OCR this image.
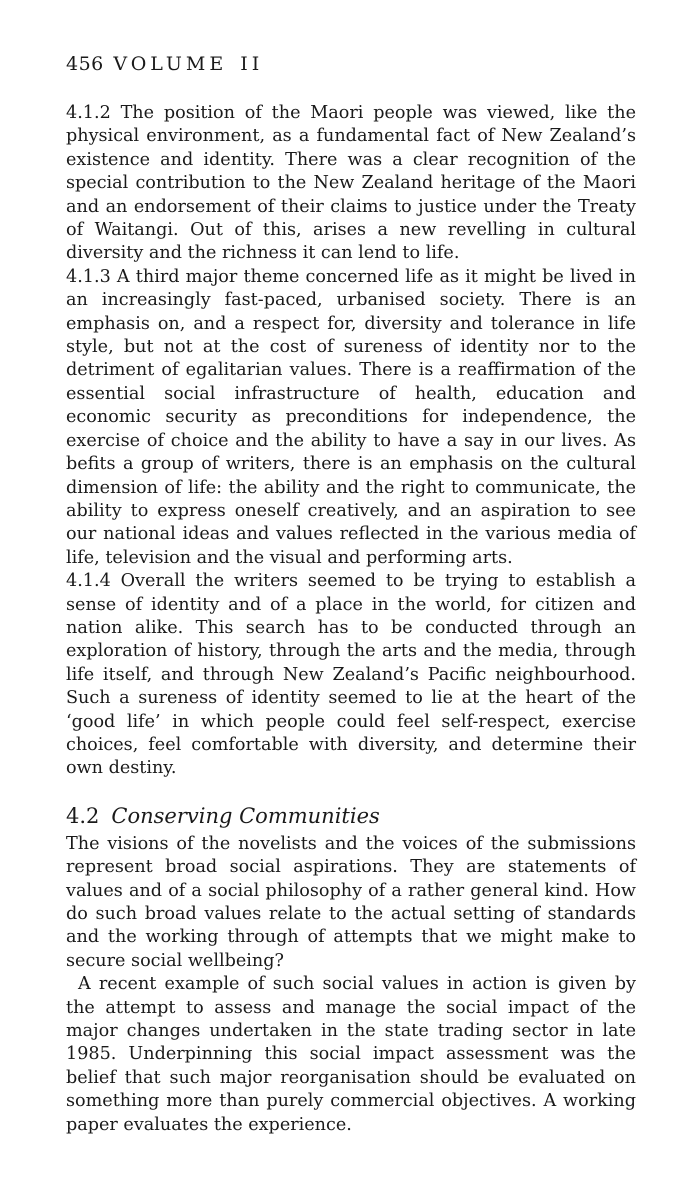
456 VOLUME II

4.1.2 The position of the Maori people was viewed, like the physical environment, as a fundamental fact of New Zealand’s existence and identity. There was a clear recognition of the special contribution to the New Zealand heritage of the Maori and an endorsement of their claims to justice under the Treaty of Waitangi. Out of this, arises a new revelling in cultural diversity and the richness it can lend to life.

4.1.3 A third major theme concerned life as it might be lived in an increasingly fast-paced, urbanised society. There is an emphasis on, and a respect for, diversity and tolerance in life style, but not at the cost of sureness of identity nor to the detriment of egalitarian values. There is a reaffirmation of the essential social infrastructure of health, education and economic security as preconditions for independence, the exercise of choice and the ability to have a say in our lives. As befits a group of writers, there is an emphasis on the cultural dimension of life: the ability and the right to communicate, the ability to express oneself creatively, and an aspiration to see our national ideas and values reflected in the various media of life, television and the visual and performing arts.

4.1.4 Overall the writers seemed to be trying to establish a sense of identity and of a place in the world, for citizen and nation alike. This search has to be conducted through an exploration of history, through the arts and the media, through life itself, and through New Zealand’s Pacific neighbourhood. Such a sureness of identity seemed to lie at the heart of the ‘good life’ in which people could feel self-respect, exercise choices, feel comfortable with diversity, and determine their own destiny.

4.2 Conserving Communities

The visions of the novelists and the voices of the submissions represent broad social aspirations. They are statements of values and of a social philosophy of a rather general kind. How do such broad values relate to the actual setting of standards and the working through of attempts that we might make to secure social wellbeing?

A recent example of such social values in action is given by the attempt to assess and manage the social impact of the major changes undertaken in the state trading sector in late 1985. Underpinning this social impact assessment was the belief that such major reorganisation should be evaluated on something more than purely commercial objectives. A working paper evaluates the experience.
